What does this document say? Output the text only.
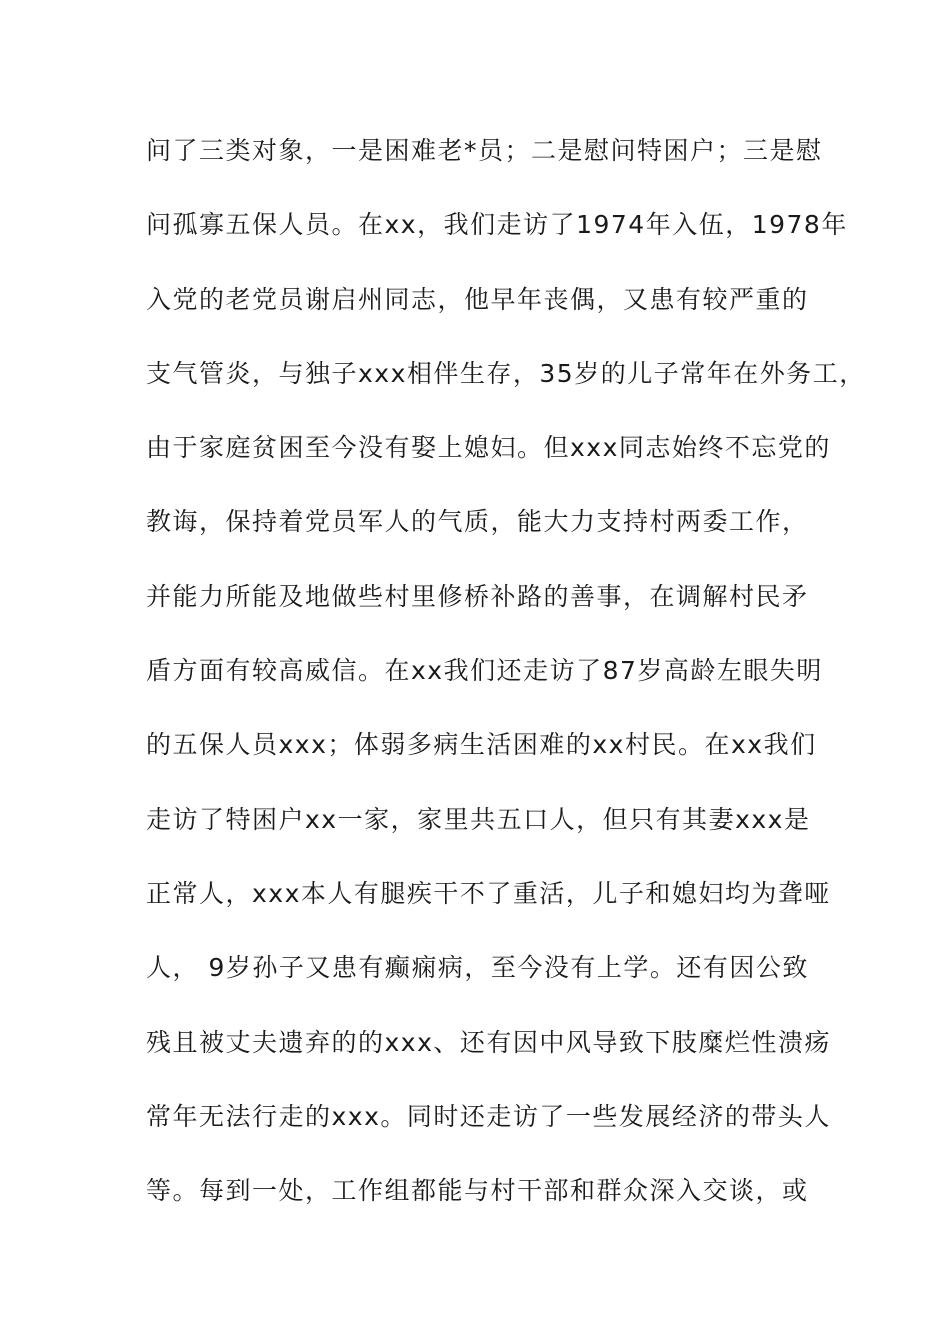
问了三类对象，一是困难老*员；二是慰问特困户；三是慰
问孤寡五保人员。在xx，我们走访了1974年入伍，1978年
入党的老党员谢启州同志，他早年丧偶，又患有较严重的
支气管炎，与独子xxx相伴生存，35岁的儿子常年在外务工，
由于家庭贫困至今没有娶上媳妇。但xxx同志始终不忘党的
教诲，保持着党员军人的气质，能大力支持村两委工作，
并能力所能及地做些村里修桥补路的善事，在调解村民矛
盾方面有较高威信。在xx我们还走访了87岁高龄左眼失明
的五保人员xxx；体弱多病生活困难的xx村民。在xx我们
走访了特困户xx一家，家里共五口人，但只有其妻xxx是
正常人，xxx本人有腿疾干不了重活，儿子和媳妇均为聋哑
人， 9岁孙子又患有癫痫病，至今没有上学。还有因公致
残且被丈夫遗弃的的xxx、还有因中风导致下肢糜烂性溃疡
常年无法行走的xxx。同时还走访了一些发展经济的带头人
等。每到一处，工作组都能与村干部和群众深入交谈，或
